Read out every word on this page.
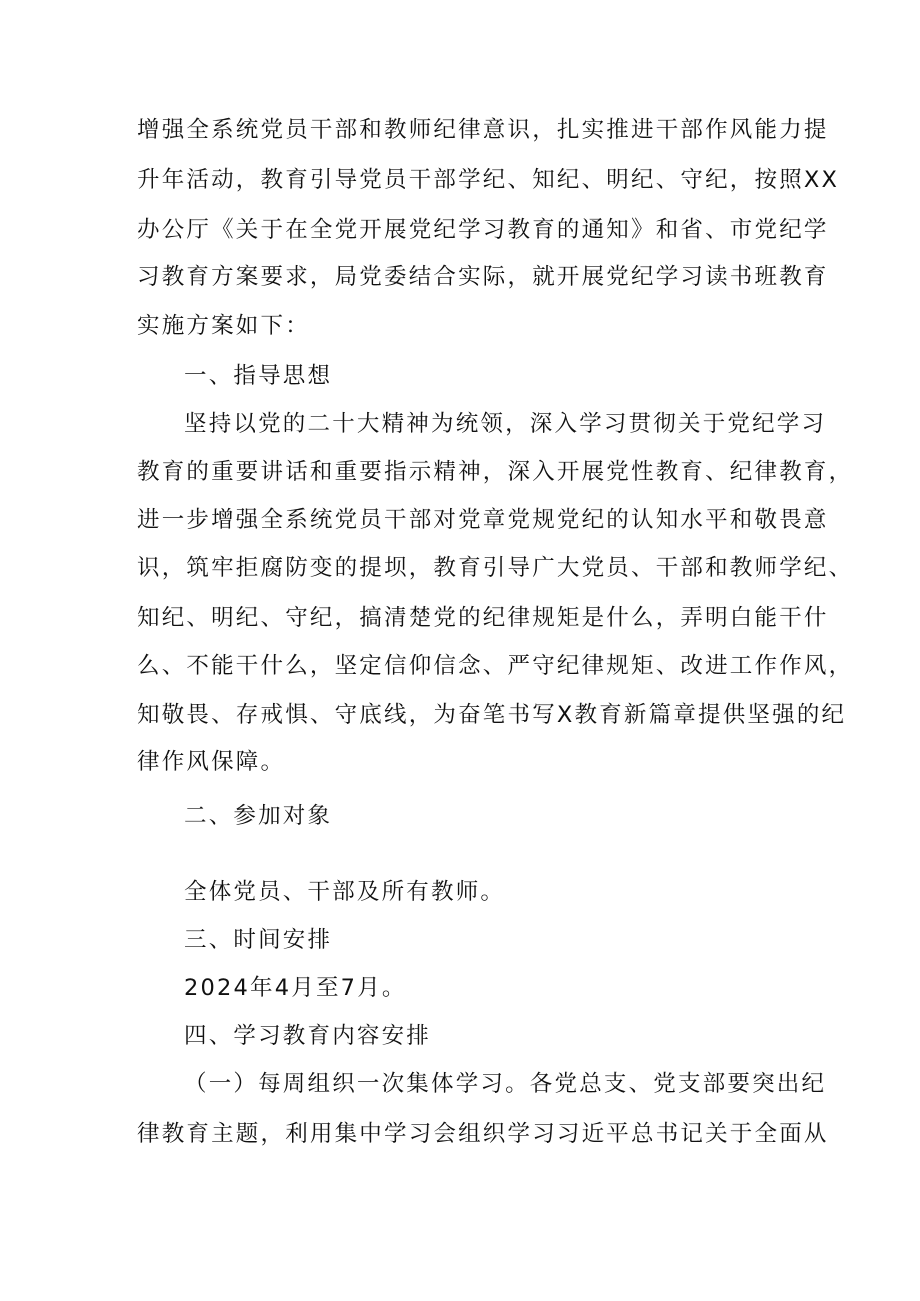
增强全系统党员干部和教师纪律意识，扎实推进干部作风能力提
升年活动，教育引导党员干部学纪、知纪、明纪、守纪，按照XX
办公厅《关于在全党开展党纪学习教育的通知》和省、市党纪学
习教育方案要求，局党委结合实际，就开展党纪学习读书班教育
实施方案如下：
一、指导思想
坚持以党的二十大精神为统领，深入学习贯彻关于党纪学习
教育的重要讲话和重要指示精神，深入开展党性教育、纪律教育，
进一步增强全系统党员干部对党章党规党纪的认知水平和敬畏意
识，筑牢拒腐防变的提坝，教育引导广大党员、干部和教师学纪、
知纪、明纪、守纪，搞清楚党的纪律规矩是什么，弄明白能干什
么、不能干什么，坚定信仰信念、严守纪律规矩、改进工作作风，
知敬畏、存戒惧、守底线，为奋笔书写X教育新篇章提供坚强的纪
律作风保障。
二、参加对象
全体党员、干部及所有教师。
三、时间安排
2024年4月至7月。
四、学习教育内容安排
（一）每周组织一次集体学习。各党总支、党支部要突出纪
律教育主题，利用集中学习会组织学习习近平总书记关于全面从
